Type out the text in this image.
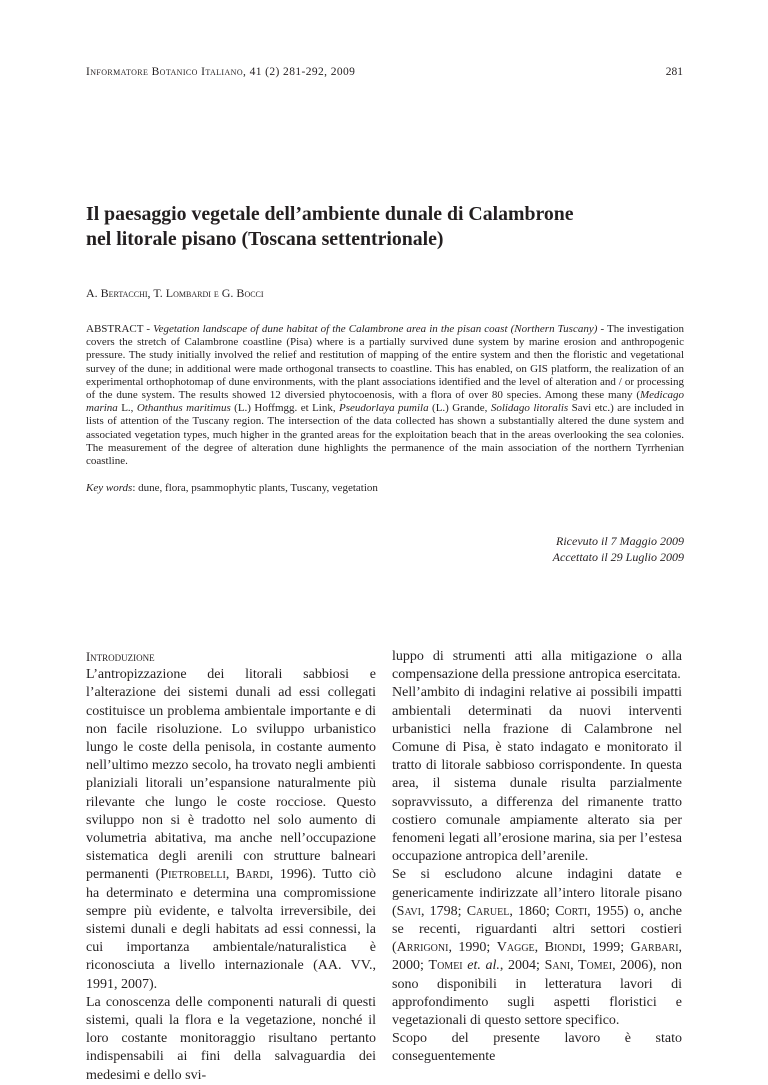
Informatore Botanico Italiano, 41 (2) 281-292, 2009	281
Il paesaggio vegetale dell’ambiente dunale di Calambrone
nel litorale pisano (Toscana settentrionale)
A. Bertacchi, T. Lombardi e G. Bocci
ABSTRACT - Vegetation landscape of dune habitat of the Calambrone area in the pisan coast (Northern Tuscany) - The investigation covers the stretch of Calambrone coastline (Pisa) where is a partially survived dune system by marine erosion and anthropogenic pressure. The study initially involved the relief and restitution of mapping of the entire system and then the floristic and vegetational survey of the dune; in additional were made orthogonal transects to coastline. This has enabled, on GIS platform, the realization of an experimental orthophotomap of dune environments, with the plant associations identified and the level of alteration and / or processing of the dune system. The results showed 12 diversied phytocoenosis, with a flora of over 80 species. Among these many (Medicago marina L., Othanthus maritimus (L.) Hoffmgg. et Link, Pseudorlaya pumila (L.) Grande, Solidago litoralis Savi etc.) are included in lists of attention of the Tuscany region. The intersection of the data collected has shown a substantially altered the dune system and associated vegetation types, much higher in the granted areas for the exploitation beach that in the areas overlooking the sea colonies. The measurement of the degree of alteration dune highlights the permanence of the main association of the northern Tyrrhenian coastline.
Key words: dune, flora, psammophytic plants, Tuscany, vegetation
Ricevuto il 7 Maggio 2009
Accettato il 29 Luglio 2009
Introduzione

L’antropizzazione dei litorali sabbiosi e l’alterazione dei sistemi dunali ad essi collegati costituisce un problema ambientale importante e di non facile risoluzione. Lo sviluppo urbanistico lungo le coste della penisola, in costante aumento nell’ultimo mezzo secolo, ha trovato negli ambienti planiziali litorali un’espansione naturalmente più rilevante che lungo le coste rocciose. Questo sviluppo non si è tradotto nel solo aumento di volumetria abitativa, ma anche nell’occupazione sistematica degli arenili con strutture balneari permanenti (Pietrobelli, Bardi, 1996). Tutto ciò ha determinato e determina una compromissione sempre più evidente, e talvolta irreversibile, dei sistemi dunali e degli habitats ad essi connessi, la cui importanza ambientale/naturalistica è riconosciuta a livello internazionale (AA. VV., 1991, 2007).

La conoscenza delle componenti naturali di questi sistemi, quali la flora e la vegetazione, nonché il loro costante monitoraggio risultano pertanto indispensabili ai fini della salvaguardia dei medesimi e dello svi-

luppo di strumenti atti alla mitigazione o alla compensazione della pressione antropica esercitata.

Nell’ambito di indagini relative ai possibili impatti ambientali determinati da nuovi interventi urbanistici nella frazione di Calambrone nel Comune di Pisa, è stato indagato e monitorato il tratto di litorale sabbioso corrispondente. In questa area, il sistema dunale risulta parzialmente sopravvissuto, a differenza del rimanente tratto costiero comunale ampiamente alterato sia per fenomeni legati all’erosione marina, sia per l’estesa occupazione antropica dell’arenile.

Se si escludono alcune indagini datate e genericamente indirizzate all’intero litorale pisano (Savi, 1798; Caruel, 1860; Corti, 1955) o, anche se recenti, riguardanti altri settori costieri (Arrigoni, 1990; Vagge, Biondi, 1999; Garbari, 2000; Tomei et. al., 2004; Sani, Tomei, 2006), non sono disponibili in letteratura lavori di approfondimento sugli aspetti floristici e vegetazionali di questo settore specifico.

Scopo del presente lavoro è stato conseguentemente
